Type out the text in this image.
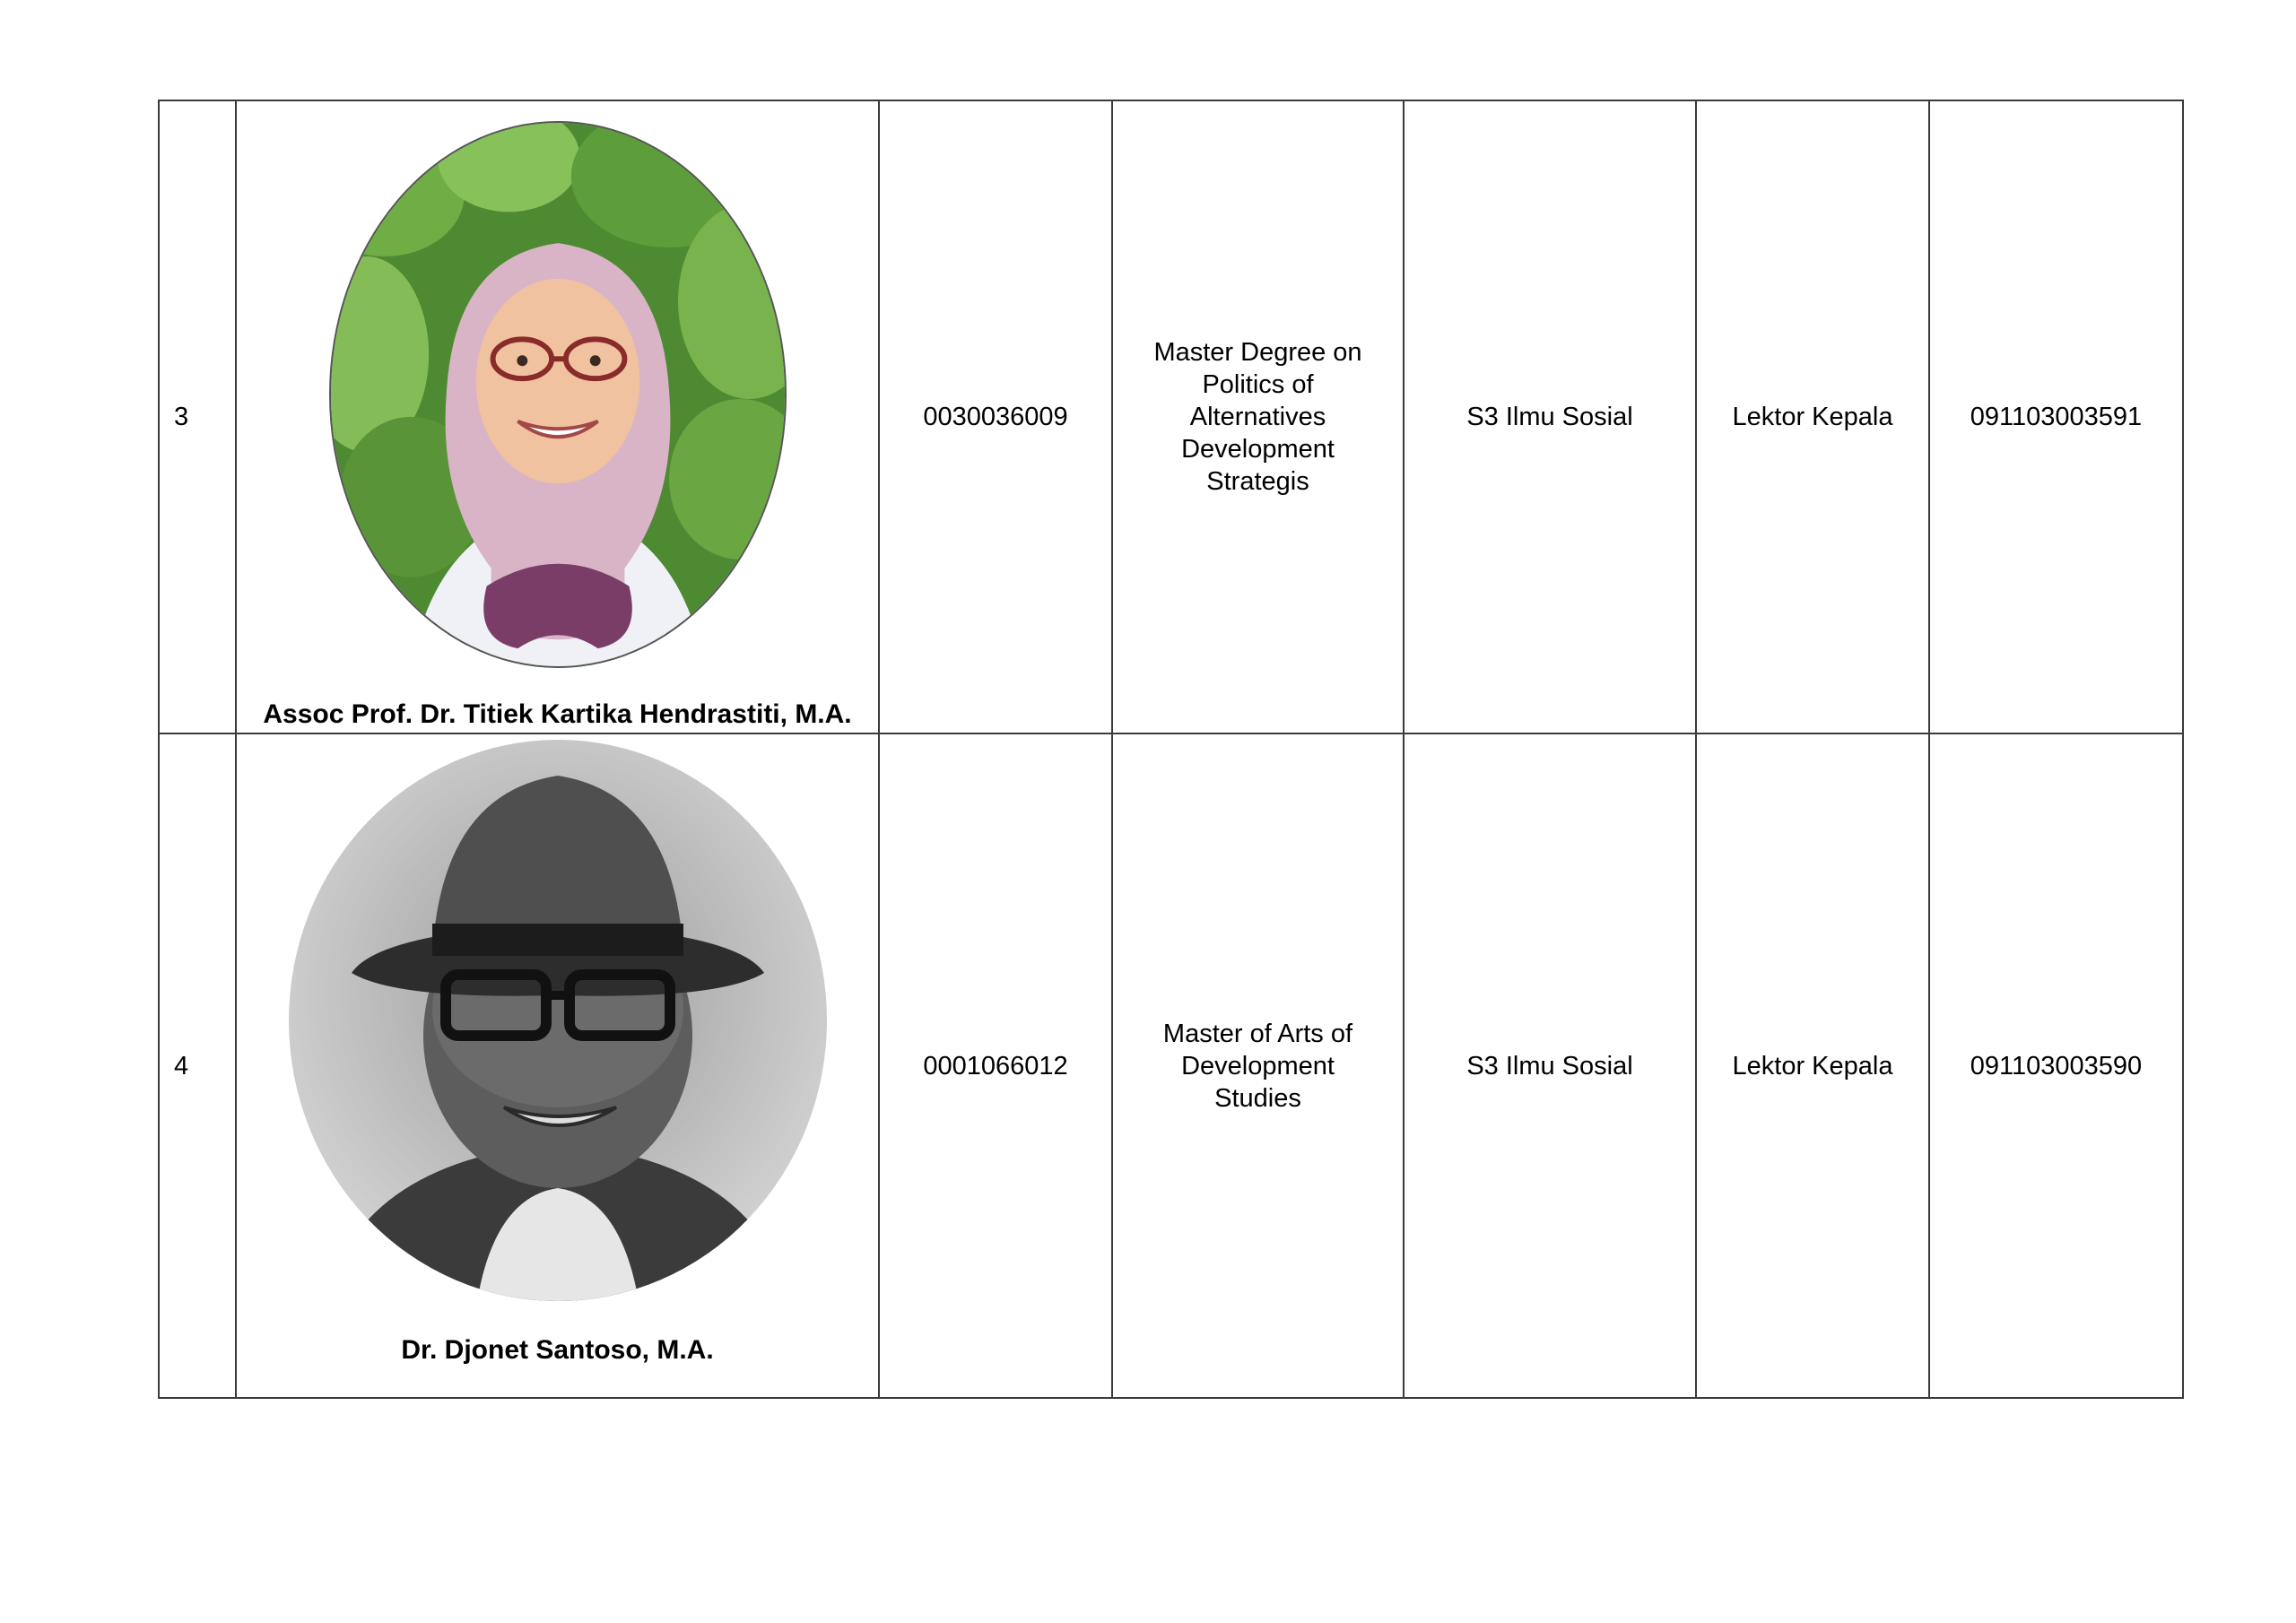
3	Assoc Prof. Dr. Titiek Kartika Hendrastiti, M.A.	0030036009	Master Degree on
Politics of
Alternatives
Development
Strategis	S3 Ilmu Sosial	Lektor Kepala	091103003591
4	Dr. Djonet Santoso, M.A.	0001066012	Master of Arts of
Development
Studies	S3 Ilmu Sosial	Lektor Kepala	091103003590
